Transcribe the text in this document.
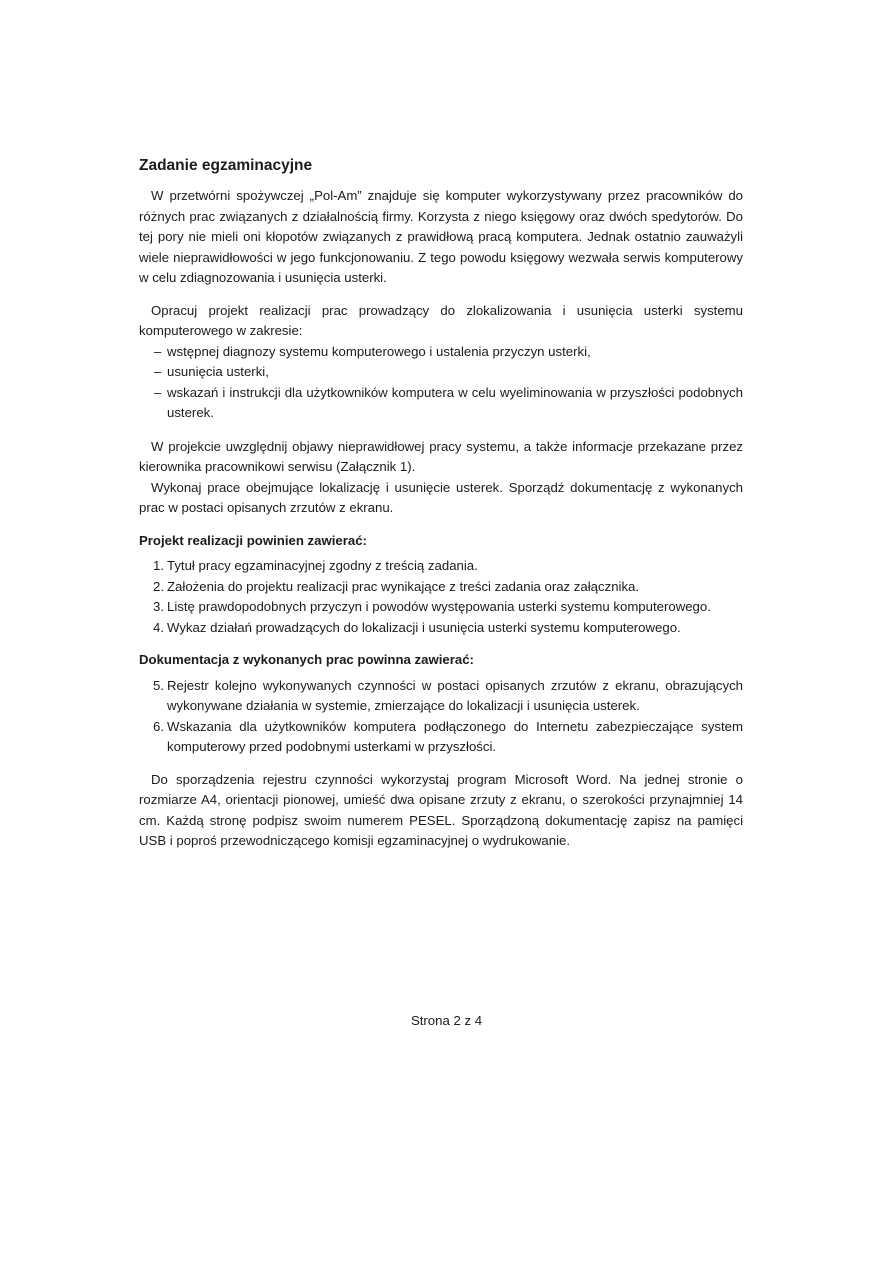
Zadanie egzaminacyjne

W przetwórni spożywczej „Pol-Am” znajduje się komputer wykorzystywany przez pracowników do różnych prac związanych z działalnością firmy. Korzysta z niego księgowy oraz dwóch spedytorów. Do tej pory nie mieli oni kłopotów związanych z prawidłową pracą komputera. Jednak ostatnio zauważyli wiele nieprawidłowości w jego funkcjonowaniu. Z tego powodu księgowy wezwała serwis komputerowy w celu zdiagnozowania i usunięcia usterki.

Opracuj projekt realizacji prac prowadzący do zlokalizowania i usunięcia usterki systemu komputerowego w zakresie:

– wstępnej diagnozy systemu komputerowego i ustalenia przyczyn usterki,
– usunięcia usterki,
– wskazań i instrukcji dla użytkowników komputera w celu wyeliminowania w przyszłości podobnych usterek.

W projekcie uwzględnij objawy nieprawidłowej pracy systemu, a także informacje przekazane przez kierownika pracownikowi serwisu (Załącznik 1).

Wykonaj prace obejmujące lokalizację i usunięcie usterek. Sporządź dokumentację z wykonanych prac w postaci opisanych zrzutów z ekranu.

Projekt realizacji powinien zawierać:
1. Tytuł pracy egzaminacyjnej zgodny z treścią zadania.
2. Założenia do projektu realizacji prac wynikające z treści zadania oraz załącznika.
3. Listę prawdopodobnych przyczyn i powodów występowania usterki systemu komputerowego.
4. Wykaz działań prowadzących do lokalizacji i usunięcia usterki systemu komputerowego.
Dokumentacja z wykonanych prac powinna zawierać:
5. Rejestr kolejno wykonywanych czynności w postaci opisanych zrzutów z ekranu, obrazujących wykonywane działania w systemie, zmierzające do lokalizacji i usunięcia usterek.
6. Wskazania dla użytkowników komputera podłączonego do Internetu zabezpieczające system komputerowy przed podobnymi usterkami w przyszłości.

Do sporządzenia rejestru czynności wykorzystaj program Microsoft Word. Na jednej stronie o rozmiarze A4, orientacji pionowej, umieść dwa opisane zrzuty z ekranu, o szerokości przynajmniej 14 cm. Każdą stronę podpisz swoim numerem PESEL. Sporządzoną dokumentację zapisz na pamięci USB i poproś przewodniczącego komisji egzaminacyjnej o wydrukowanie.

Strona 2 z 4
